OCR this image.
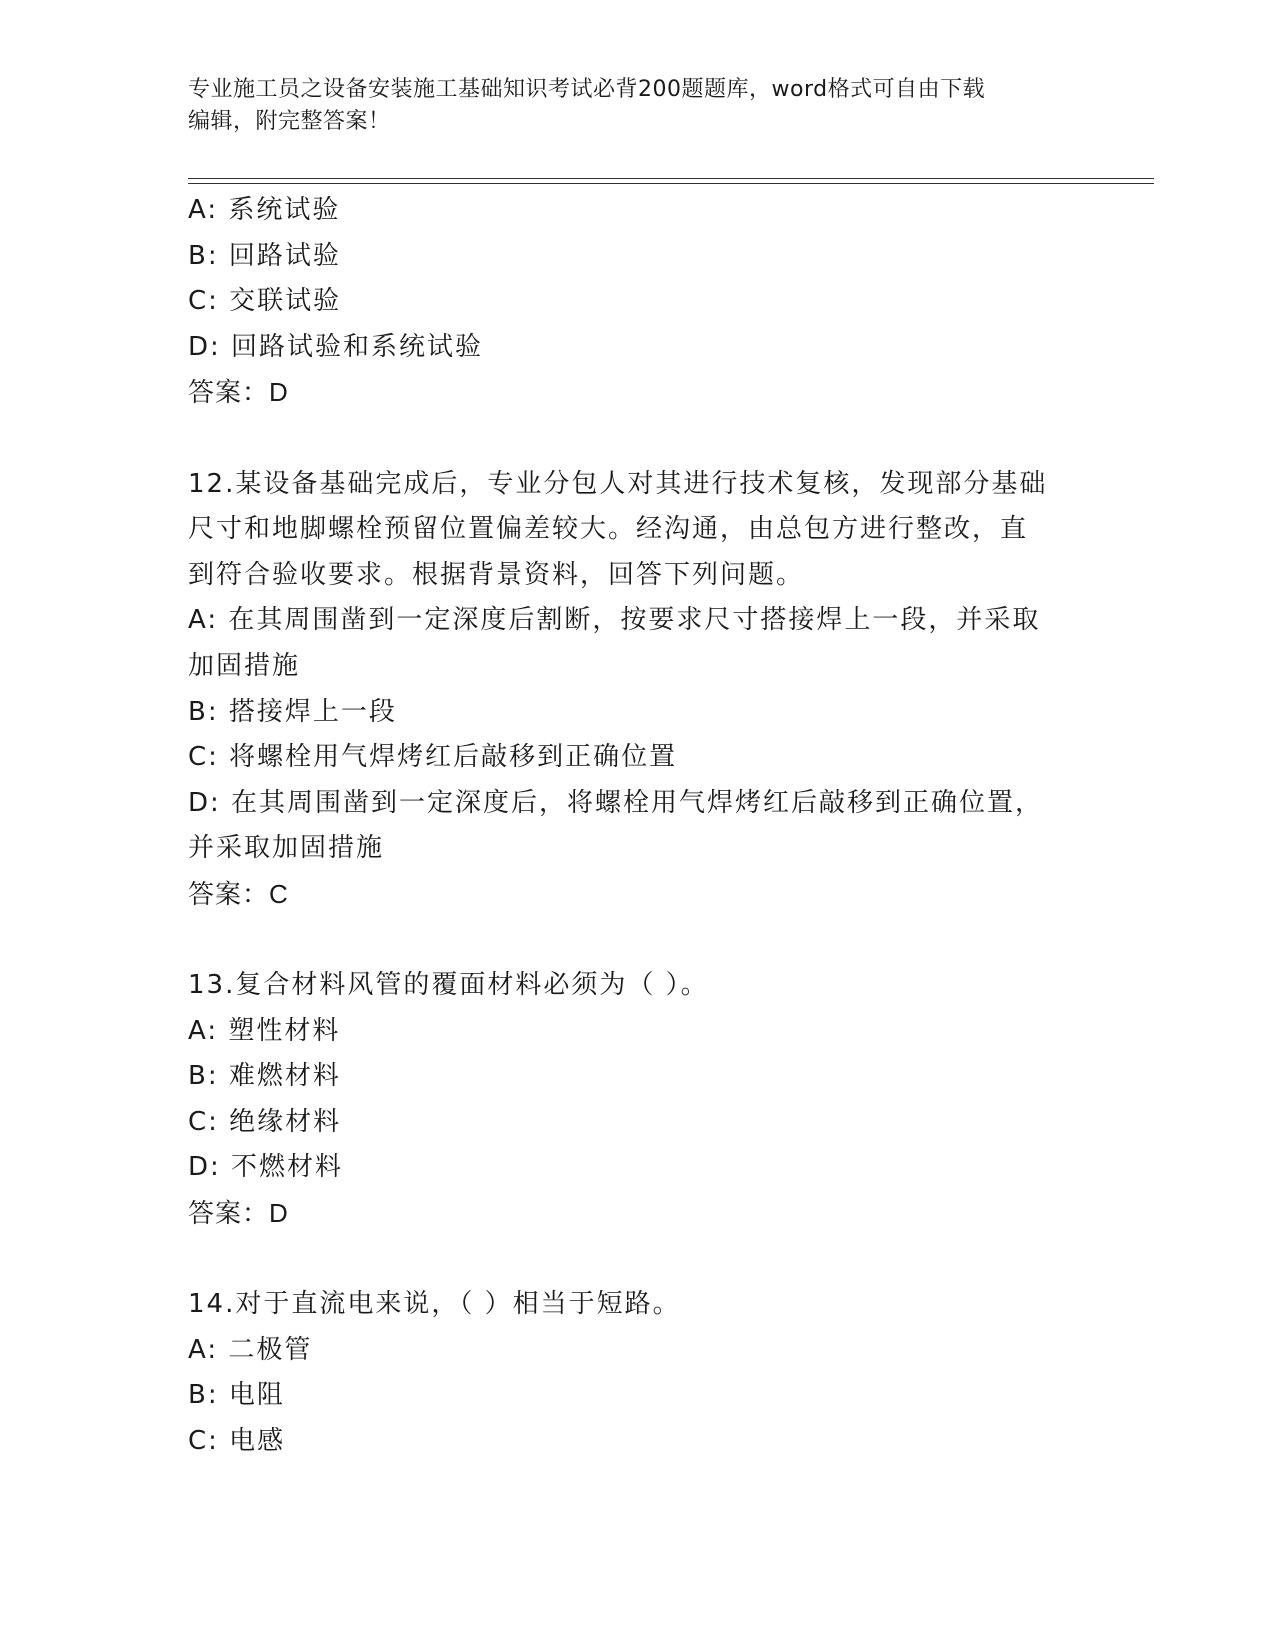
专业施工员之设备安装施工基础知识考试必背200题题库，word格式可自由下载
编辑，附完整答案！
A: 系统试验
B: 回路试验
C: 交联试验
D: 回路试验和系统试验
答案：D
12.某设备基础完成后，专业分包人对其进行技术复核，发现部分基础
尺寸和地脚螺栓预留位置偏差较大。经沟通，由总包方进行整改，直
到符合验收要求。根据背景资料，回答下列问题。
A: 在其周围凿到一定深度后割断，按要求尺寸搭接焊上一段，并采取
加固措施
B: 搭接焊上一段
C: 将螺栓用气焊烤红后敲移到正确位置
D: 在其周围凿到一定深度后，将螺栓用气焊烤红后敲移到正确位置，
并采取加固措施
答案：C
13.复合材料风管的覆面材料必须为（ ）。
A: 塑性材料
B: 难燃材料
C: 绝缘材料
D: 不燃材料
答案：D
14.对于直流电来说，（ ）相当于短路。
A: 二极管
B: 电阻
C: 电感
